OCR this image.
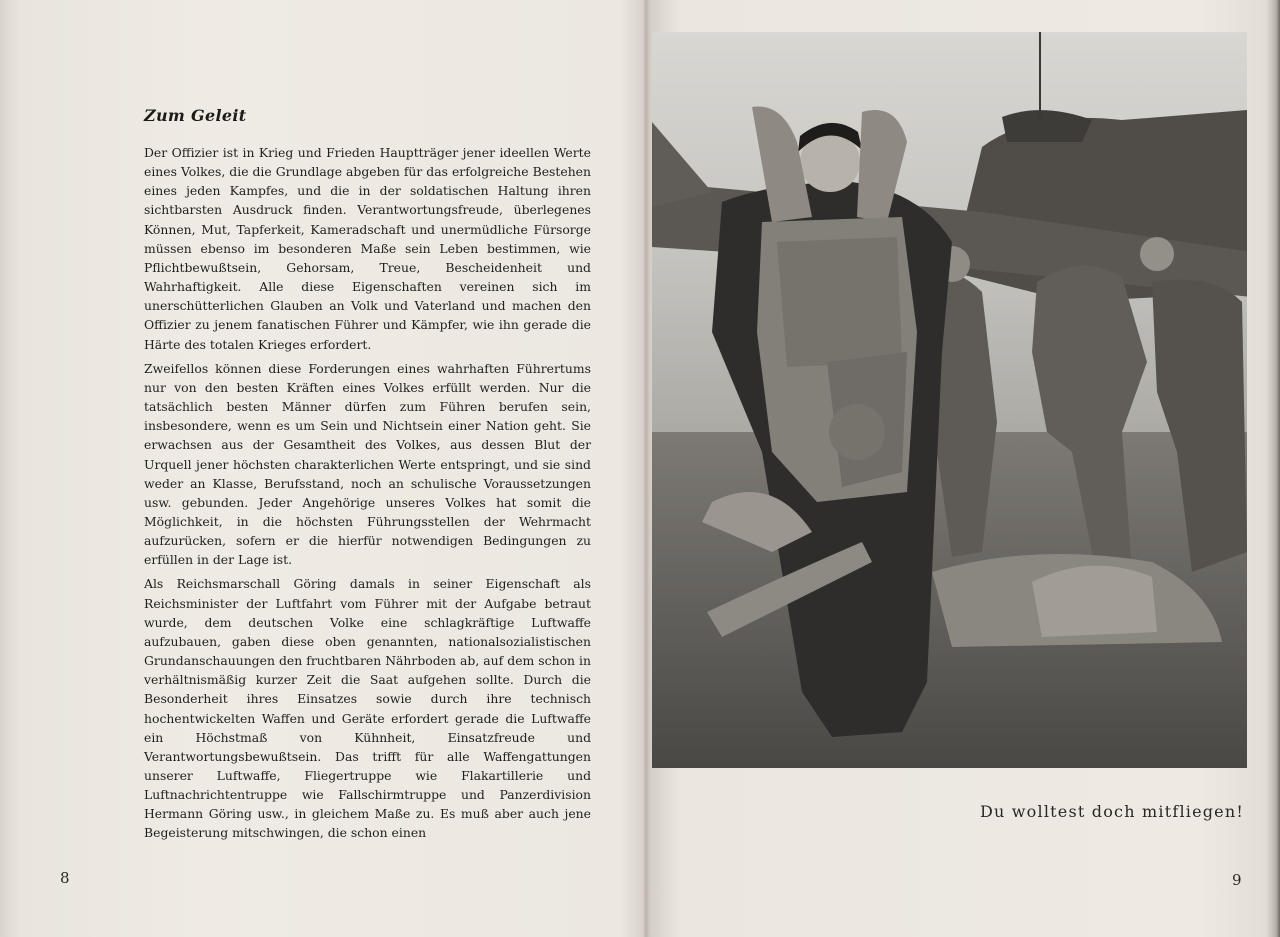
Zum Geleit

Der Offizier ist in Krieg und Frieden Hauptträger jener ideellen Werte eines Volkes, die die Grundlage abgeben für das erfolgreiche Bestehen eines jeden Kampfes, und die in der soldatischen Haltung ihren sichtbarsten Ausdruck finden. Verantwortungsfreude, überlegenes Können, Mut, Tapferkeit, Kameradschaft und unermüdliche Fürsorge müssen ebenso im besonderen Maße sein Leben bestimmen, wie Pflichtbewußtsein, Gehorsam, Treue, Bescheidenheit und Wahrhaftigkeit. Alle diese Eigenschaften vereinen sich im unerschütterlichen Glauben an Volk und Vaterland und machen den Offizier zu jenem fanatischen Führer und Kämpfer, wie ihn gerade die Härte des totalen Krieges erfordert.

Zweifellos können diese Forderungen eines wahrhaften Führertums nur von den besten Kräften eines Volkes erfüllt werden. Nur die tatsächlich besten Männer dürfen zum Führen berufen sein, insbesondere, wenn es um Sein und Nichtsein einer Nation geht. Sie erwachsen aus der Gesamtheit des Volkes, aus dessen Blut der Urquell jener höchsten charakterlichen Werte entspringt, und sie sind weder an Klasse, Berufsstand, noch an schulische Voraussetzungen usw. gebunden. Jeder Angehörige unseres Volkes hat somit die Möglichkeit, in die höchsten Führungsstellen der Wehrmacht aufzurücken, sofern er die hierfür notwendigen Bedingungen zu erfüllen in der Lage ist.

Als Reichsmarschall Göring damals in seiner Eigenschaft als Reichsminister der Luftfahrt vom Führer mit der Aufgabe betraut wurde, dem deutschen Volke eine schlagkräftige Luftwaffe aufzubauen, gaben diese oben genannten, nationalsozialistischen Grundanschauungen den fruchtbaren Nährboden ab, auf dem schon in verhältnismäßig kurzer Zeit die Saat aufgehen sollte. Durch die Besonderheit ihres Einsatzes sowie durch ihre technisch hochentwickelten Waffen und Geräte erfordert gerade die Luftwaffe ein Höchstmaß von Kühnheit, Einsatzfreude und Verantwortungsbewußtsein. Das trifft für alle Waffengattungen unserer Luftwaffe, Fliegertruppe wie Flakartillerie und Luftnachrichtentruppe wie Fallschirmtruppe und Panzerdivision Hermann Göring usw., in gleichem Maße zu. Es muß aber auch jene Begeisterung mitschwingen, die schon einen

8
Du wolltest doch mitfliegen!
9
